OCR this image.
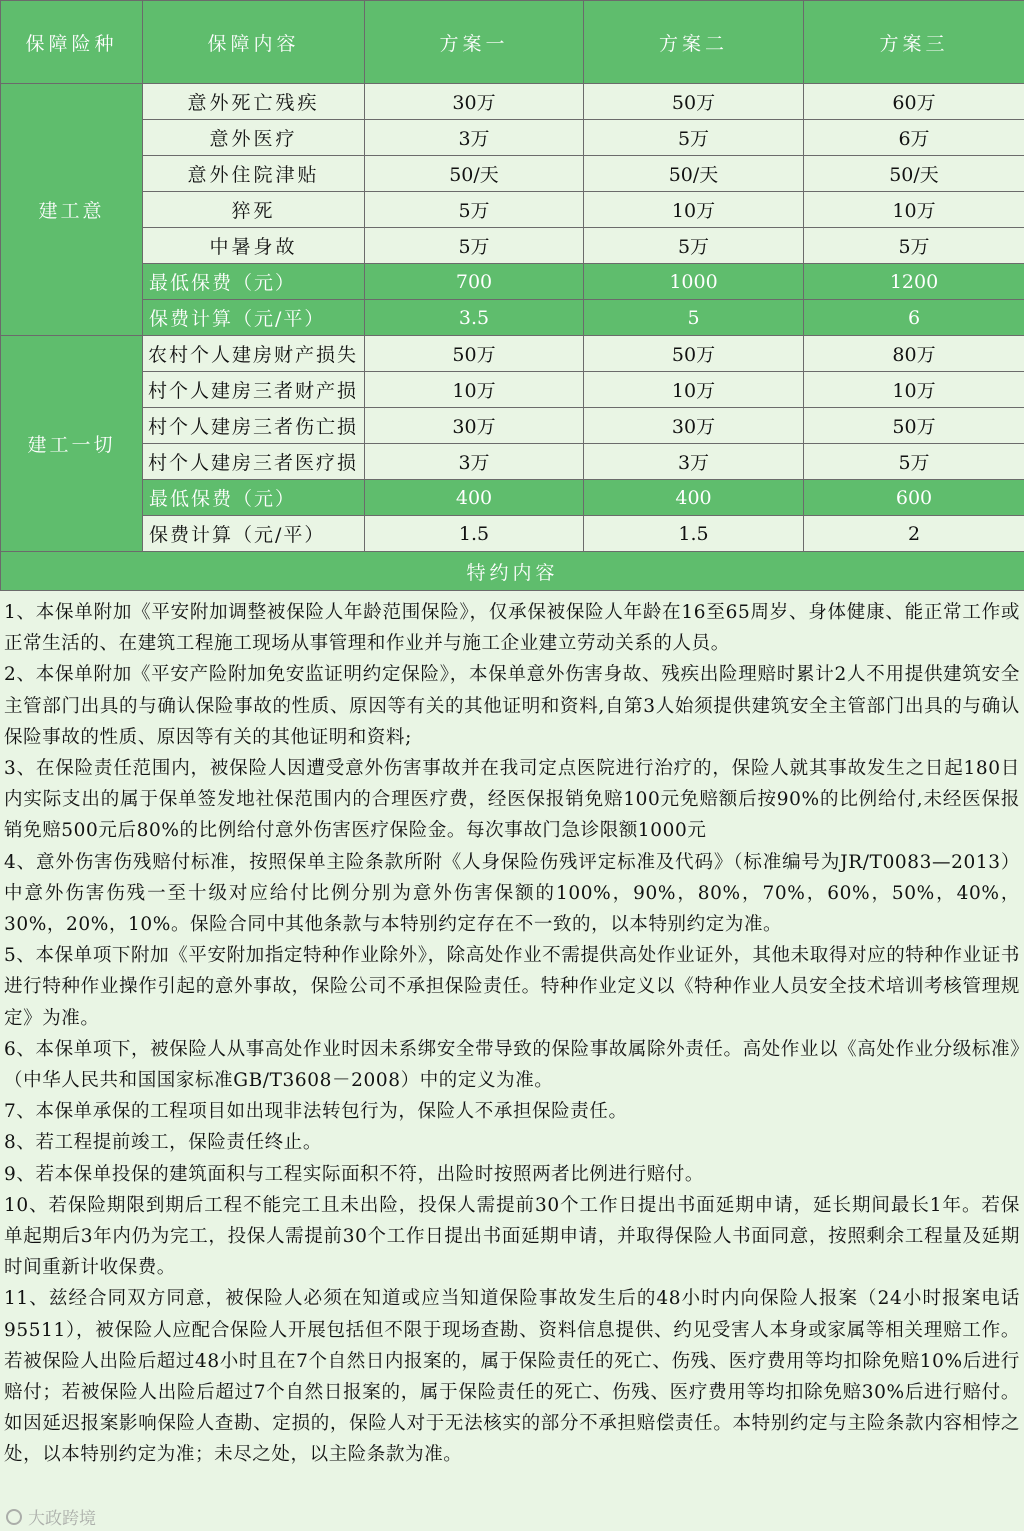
保障险种	保障内容	方案一	方案二	方案三
建工意	意外死亡残疾	30万	50万	60万
	意外医疗	3万	5万	6万
	意外住院津贴	50/天	50/天	50/天
	猝死	5万	10万	10万
	中暑身故	5万	5万	5万
	最低保费（元）	700	1000	1200
	保费计算（元/平）	3.5	5	6
建工一切	农村个人建房财产损失	50万	50万	80万
	村个人建房三者财产损	10万	10万	10万
	村个人建房三者伤亡损	30万	30万	50万
	村个人建房三者医疗损	3万	3万	5万
	最低保费（元）	400	400	600
	保费计算（元/平）	1.5	1.5	2
特约内容				

1、本保单附加《平安附加调整被保险人年龄范围保险》，仅承保被保险人年龄在16至65周岁、身体健康、能正常工作或正常生活的、在建筑工程施工现场从事管理和作业并与施工企业建立劳动关系的人员。

2、本保单附加《平安产险附加免安监证明约定保险》，本保单意外伤害身故、残疾出险理赔时累计2人不用提供建筑安全主管部门出具的与确认保险事故的性质、原因等有关的其他证明和资料,自第3人始须提供建筑安全主管部门出具的与确认保险事故的性质、原因等有关的其他证明和资料;

3、在保险责任范围内，被保险人因遭受意外伤害事故并在我司定点医院进行治疗的，保险人就其事故发生之日起180日内实际支出的属于保单签发地社保范围内的合理医疗费，经医保报销免赔100元免赔额后按90%的比例给付,未经医保报销免赔500元后80%的比例给付意外伤害医疗保险金。每次事故门急诊限额1000元

4、意外伤害伤残赔付标准，按照保单主险条款所附《人身保险伤残评定标准及代码》（标准编号为JR/T0083—2013）中意外伤害伤残一至十级对应给付比例分别为意外伤害保额的100%，90%，80%，70%，60%，50%，40%，30%，20%，10%。保险合同中其他条款与本特别约定存在不一致的，以本特别约定为准。

5、本保单项下附加《平安附加指定特种作业除外》，除高处作业不需提供高处作业证外，其他未取得对应的特种作业证书进行特种作业操作引起的意外事故，保险公司不承担保险责任。特种作业定义以《特种作业人员安全技术培训考核管理规定》为准。

6、本保单项下，被保险人从事高处作业时因未系绑安全带导致的保险事故属除外责任。高处作业以《高处作业分级标准》（中华人民共和国国家标准GB/T3608－2008）中的定义为准。

7、本保单承保的工程项目如出现非法转包行为，保险人不承担保险责任。

8、若工程提前竣工，保险责任终止。

9、若本保单投保的建筑面积与工程实际面积不符，出险时按照两者比例进行赔付。

10、若保险期限到期后工程不能完工且未出险，投保人需提前30个工作日提出书面延期申请，延长期间最长1年。若保单起期后3年内仍为完工，投保人需提前30个工作日提出书面延期申请，并取得保险人书面同意，按照剩余工程量及延期时间重新计收保费。

11、兹经合同双方同意，被保险人必须在知道或应当知道保险事故发生后的48小时内向保险人报案（24小时报案电话95511），被保险人应配合保险人开展包括但不限于现场查勘、资料信息提供、约见受害人本身或家属等相关理赔工作。若被保险人出险后超过48小时且在7个自然日内报案的，属于保险责任的死亡、伤残、医疗费用等均扣除免赔10%后进行赔付；若被保险人出险后超过7个自然日报案的，属于保险责任的死亡、伤残、医疗费用等均扣除免赔30%后进行赔付。如因延迟报案影响保险人查勘、定损的，保险人对于无法核实的部分不承担赔偿责任。本特别约定与主险条款内容相悖之处，以本特别约定为准；未尽之处，以主险条款为准。

大政跨境
